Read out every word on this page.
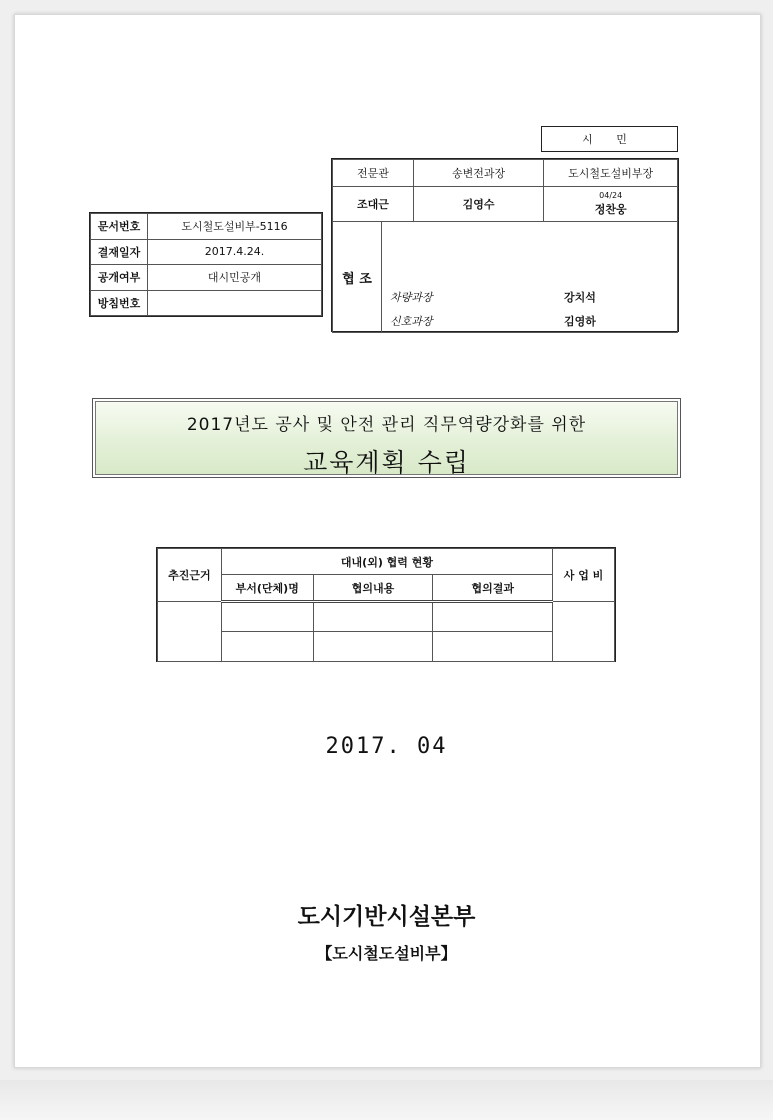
시 민
전문관	송변전과장	도시철도설비부장
조대근	김영수	04/24
정찬웅

협 조
차량과장 강치석
신호과장 김영하		
문서번호	도시철도설비부-5116
결재일자	2017.4.24.
공개여부	대시민공개
방침번호	
2017년도 공사 및 안전 관리 직무역량강화를 위한
교육계획 수립
추진근거	대내(외) 협력 현황			사 업 비
	부서(단체)명	협의내용	협의결과	

2017. 04
도시기반시설본부
【도시철도설비부】
